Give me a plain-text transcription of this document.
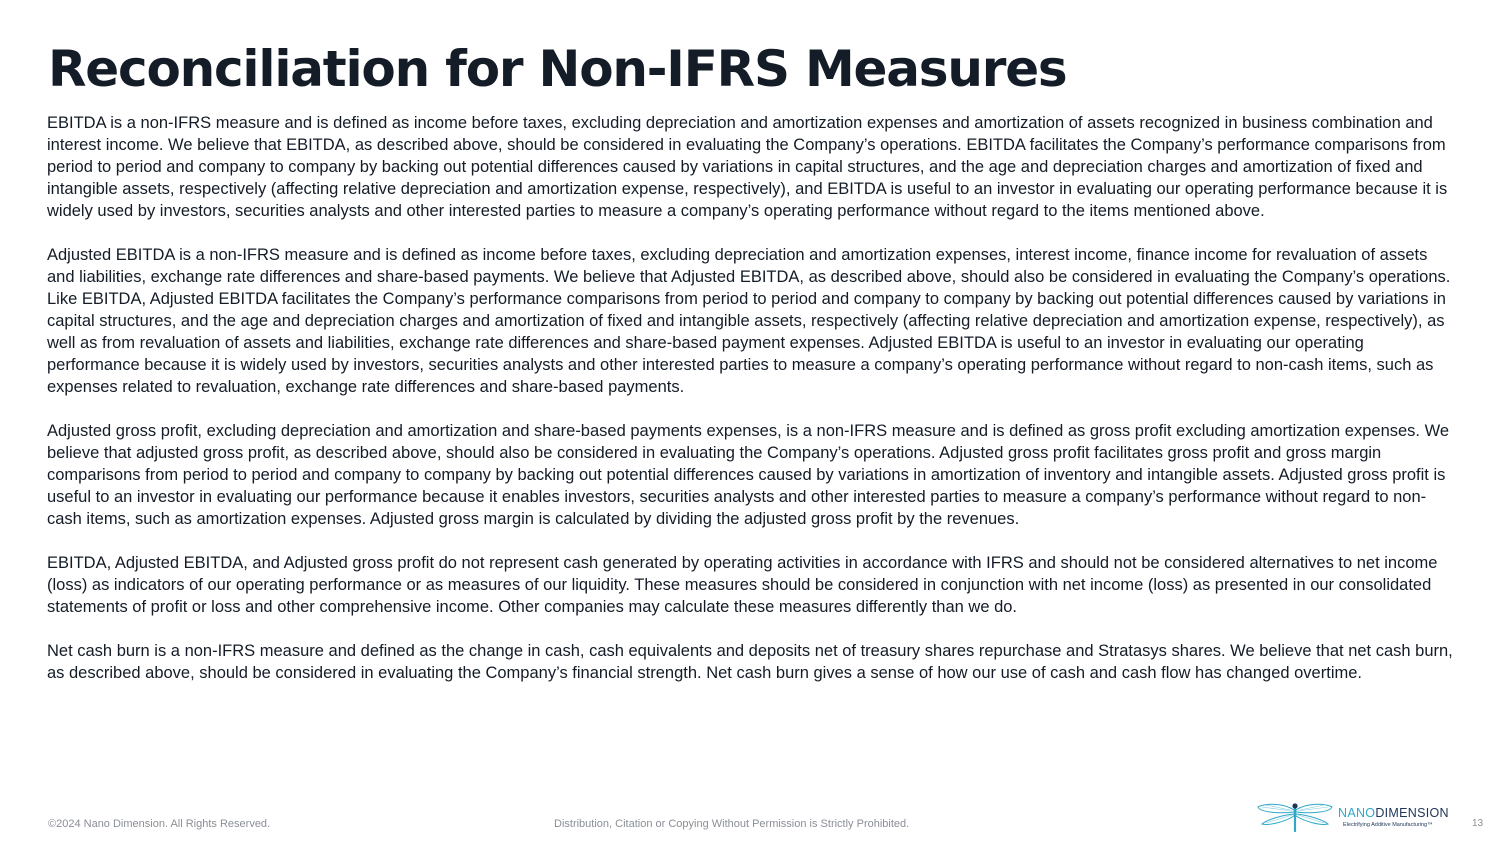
Reconciliation for Non-IFRS Measures

EBITDA is a non-IFRS measure and is defined as income before taxes, excluding depreciation and amortization expenses and amortization of assets recognized in business combination and interest income. We believe that EBITDA, as described above, should be considered in evaluating the Company’s operations. EBITDA facilitates the Company’s performance comparisons from period to period and company to company by backing out potential differences caused by variations in capital structures, and the age and depreciation charges and amortization of fixed and intangible assets, respectively (affecting relative depreciation and amortization expense, respectively), and EBITDA is useful to an investor in evaluating our operating performance because it is widely used by investors, securities analysts and other interested parties to measure a company’s operating performance without regard to the items mentioned above.

Adjusted EBITDA is a non-IFRS measure and is defined as income before taxes, excluding depreciation and amortization expenses, interest income, finance income for revaluation of assets and liabilities, exchange rate differences and share-based payments. We believe that Adjusted EBITDA, as described above, should also be considered in evaluating the Company’s operations. Like EBITDA, Adjusted EBITDA facilitates the Company’s performance comparisons from period to period and company to company by backing out potential differences caused by variations in capital structures, and the age and depreciation charges and amortization of fixed and intangible assets, respectively (affecting relative depreciation and amortization expense, respectively), as well as from revaluation of assets and liabilities, exchange rate differences and share-based payment expenses. Adjusted EBITDA is useful to an investor in evaluating our operating performance because it is widely used by investors, securities analysts and other interested parties to measure a company’s operating performance without regard to non-cash items, such as expenses related to revaluation, exchange rate differences and share-based payments.

Adjusted gross profit, excluding depreciation and amortization and share-based payments expenses, is a non-IFRS measure and is defined as gross profit excluding amortization expenses. We believe that adjusted gross profit, as described above, should also be considered in evaluating the Company’s operations. Adjusted gross profit facilitates gross profit and gross margin comparisons from period to period and company to company by backing out potential differences caused by variations in amortization of inventory and intangible assets. Adjusted gross profit is useful to an investor in evaluating our performance because it enables investors, securities analysts and other interested parties to measure a company’s performance without regard to non-cash items, such as amortization expenses. Adjusted gross margin is calculated by dividing the adjusted gross profit by the revenues.

EBITDA, Adjusted EBITDA, and Adjusted gross profit do not represent cash generated by operating activities in accordance with IFRS and should not be considered alternatives to net income (loss) as indicators of our operating performance or as measures of our liquidity. These measures should be considered in conjunction with net income (loss) as presented in our consolidated statements of profit or loss and other comprehensive income. Other companies may calculate these measures differently than we do.

Net cash burn is a non-IFRS measure and defined as the change in cash, cash equivalents and deposits net of treasury shares repurchase and Stratasys shares. We believe that net cash burn, as described above, should be considered in evaluating the Company’s financial strength. Net cash burn gives a sense of how our use of cash and cash flow has changed overtime.

©2024 Nano Dimension. All Rights Reserved.	Distribution, Citation or Copying Without Permission is Strictly Prohibited.
NANODIMENSION
Electrifying Additive Manufacturing™	13
